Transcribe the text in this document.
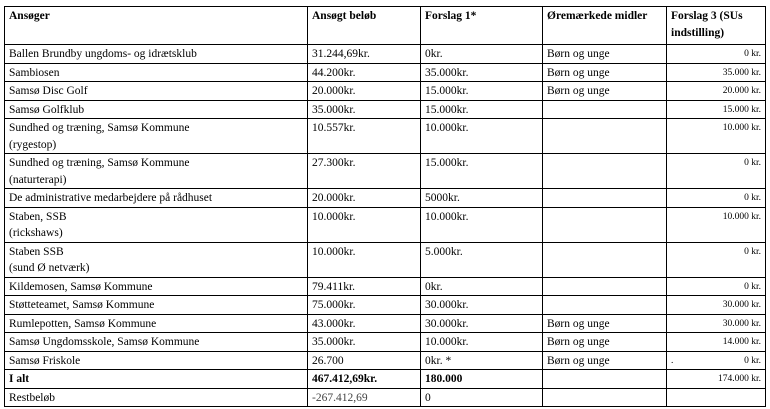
Ansøger	Ansøgt beløb	Forslag 1*	Øremærkede midler	Forslag 3 (SUs indstilling)
Ballen Brundby ungdoms- og idrætsklub	31.244,69kr.	0kr.	Børn og unge	0 kr.
Sambiosen	44.200kr.	35.000kr.	Børn og unge	35.000 kr.
Samsø Disc Golf	20.000kr.	15.000kr.	Børn og unge	20.000 kr.
Samsø Golfklub	35.000kr.	15.000kr.		15.000 kr.
Sundhed og træning, Samsø Kommune
(rygestop)	10.557kr.	10.000kr.		10.000 kr.
Sundhed og træning, Samsø Kommune
(naturterapi)	27.300kr.	15.000kr.		0 kr.
De administrative medarbejdere på rådhuset	20.000kr.	5000kr.		0 kr.
Staben, SSB
(rickshaws)	10.000kr.	10.000kr.		10.000 kr.
Staben SSB
(sund Ø netværk)	10.000kr.	5.000kr.		0 kr.
Kildemosen, Samsø Kommune	79.411kr.	0kr.		0 kr.
Støtteteamet, Samsø Kommune	75.000kr.	30.000kr.		30.000 kr.
Rumlepotten, Samsø Kommune	43.000kr.	30.000kr.	Børn og unge	30.000 kr.
Samsø Ungdomsskole, Samsø Kommune	35.000kr.	10.000kr.	Børn og unge	14.000 kr.
Samsø Friskole	26.700	0kr. *	Børn og unge	. 0 kr.
I alt	467.412,69kr.	180.000		174.000 kr.
Restbeløb	-267.412,69	0		
